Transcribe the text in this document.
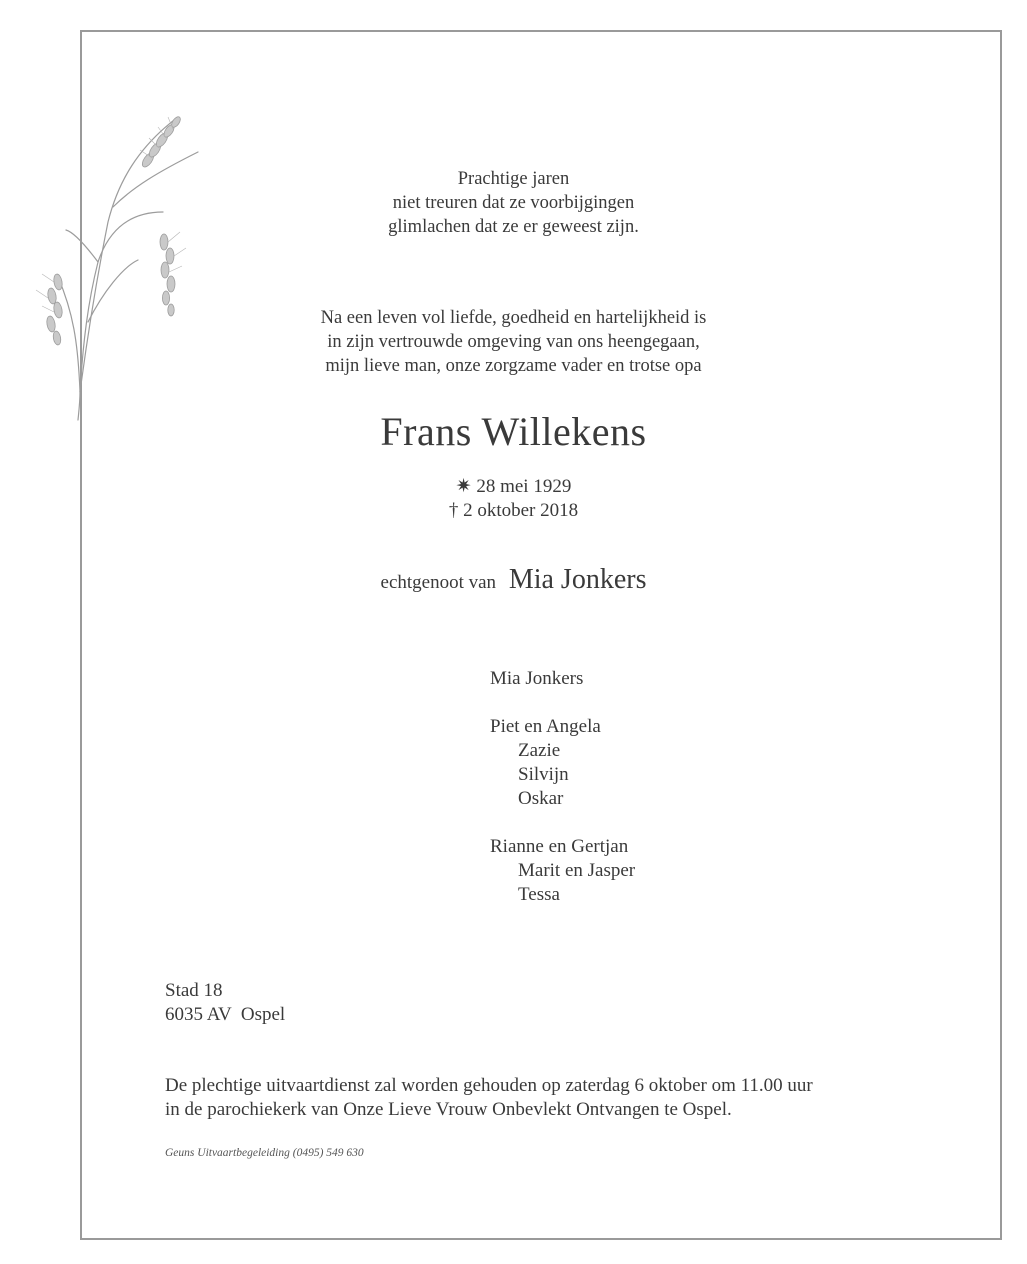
Prachtige jaren
niet treuren dat ze voorbijgingen
glimlachen dat ze er geweest zijn.
Na een leven vol liefde, goedheid en hartelijkheid is
in zijn vertrouwde omgeving van ons heengegaan,
mijn lieve man, onze zorgzame vader en trotse opa
Frans Willekens
✷ 28 mei 1929
† 2 oktober 2018
echtgenoot van Mia Jonkers
Mia Jonkers
Piet en Angela
Zazie
Silvijn
Oskar
Rianne en Gertjan
Marit en Jasper
Tessa
Stad 18
6035 AV  Ospel
De plechtige uitvaartdienst zal worden gehouden op zaterdag 6 oktober om 11.00 uur
in de parochiekerk van Onze Lieve Vrouw Onbevlekt Ontvangen te Ospel.
Geuns Uitvaartbegeleiding (0495) 549 630
